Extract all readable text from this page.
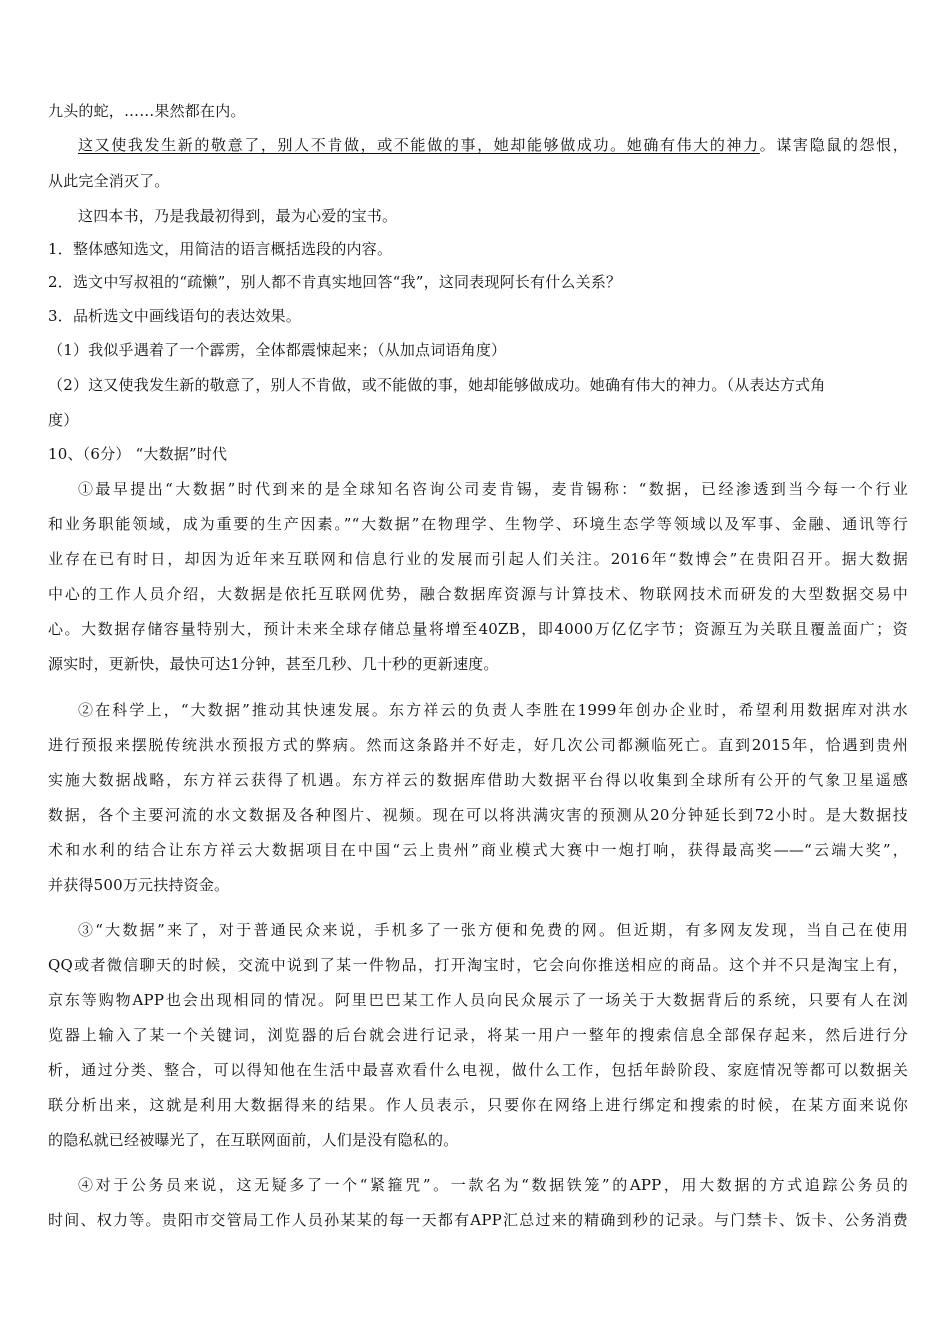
九头的蛇，……果然都在内。
这又使我发生新的敬意了，别人不肯做，或不能做的事，她却能够做成功。她确有伟大的神力。谋害隐鼠的怨恨，
从此完全消灭了。
这四本书，乃是我最初得到，最为心爱的宝书。
1．整体感知选文，用简洁的语言概括选段的内容。
2．选文中写叔祖的“疏懒”，别人都不肯真实地回答“我”，这同表现阿长有什么关系？
3．品析选文中画线语句的表达效果。
（1）我似乎遇着了一个霹雳，全体都震悚起来；（从加点词语角度）
（2）这又使我发生新的敬意了，别人不肯做，或不能做的事，她却能够做成功。她确有伟大的神力。（从表达方式角
度）
10、（6分） “大数据”时代
①最早提出“大数据”时代到来的是全球知名咨询公司麦肯锡，麦肯锡称：“数据，已经渗透到当今每一个行业
和业务职能领域，成为重要的生产因素。”“大数据”在物理学、生物学、环境生态学等领域以及军事、金融、通讯等行
业存在已有时日，却因为近年来互联网和信息行业的发展而引起人们关注。2016年“数博会”在贵阳召开。据大数据
中心的工作人员介绍，大数据是依托互联网优势，融合数据库资源与计算技术、物联网技术而研发的大型数据交易中
心。大数据存储容量特别大，预计未来全球存储总量将增至40ZB，即4000万亿亿字节；资源互为关联且覆盖面广；资
源实时，更新快，最快可达1分钟，甚至几秒、几十秒的更新速度。
②在科学上，“大数据”推动其快速发展。东方祥云的负责人李胜在1999年创办企业时，希望利用数据库对洪水
进行预报来摆脱传统洪水预报方式的弊病。然而这条路并不好走，好几次公司都濒临死亡。直到2015年，恰遇到贵州
实施大数据战略，东方祥云获得了机遇。东方祥云的数据库借助大数据平台得以收集到全球所有公开的气象卫星遥感
数据，各个主要河流的水文数据及各种图片、视频。现在可以将洪满灾害的预测从20分钟延长到72小时。是大数据技
术和水利的结合让东方祥云大数据项目在中国“云上贵州”商业模式大赛中一炮打响，获得最高奖——“云端大奖”，
并获得500万元扶持资金。
③“大数据”来了，对于普通民众来说，手机多了一张方便和免费的网。但近期，有多网友发现，当自己在使用
QQ或者微信聊天的时候，交流中说到了某一件物品，打开淘宝时，它会向你推送相应的商品。这个并不只是淘宝上有，
京东等购物APP也会出现相同的情况。阿里巴巴某工作人员向民众展示了一场关于大数据背后的系统，只要有人在浏
览器上输入了某一个关键词，浏览器的后台就会进行记录，将某一用户一整年的搜索信息全部保存起来，然后进行分
析，通过分类、整合，可以得知他在生活中最喜欢看什么电视，做什么工作，包括年龄阶段、家庭情况等都可以数据关
联分析出来，这就是利用大数据得来的结果。作人员表示，只要你在网络上进行绑定和搜索的时候，在某方面来说你
的隐私就已经被曝光了，在互联网面前，人们是没有隐私的。
④对于公务员来说，这无疑多了一个“紧箍咒”。一款名为“数据铁笼”的APP，用大数据的方式追踪公务员的
时间、权力等。贵阳市交管局工作人员孙某某的每一天都有APP汇总过来的精确到秒的记录。与门禁卡、饭卡、公务消费
